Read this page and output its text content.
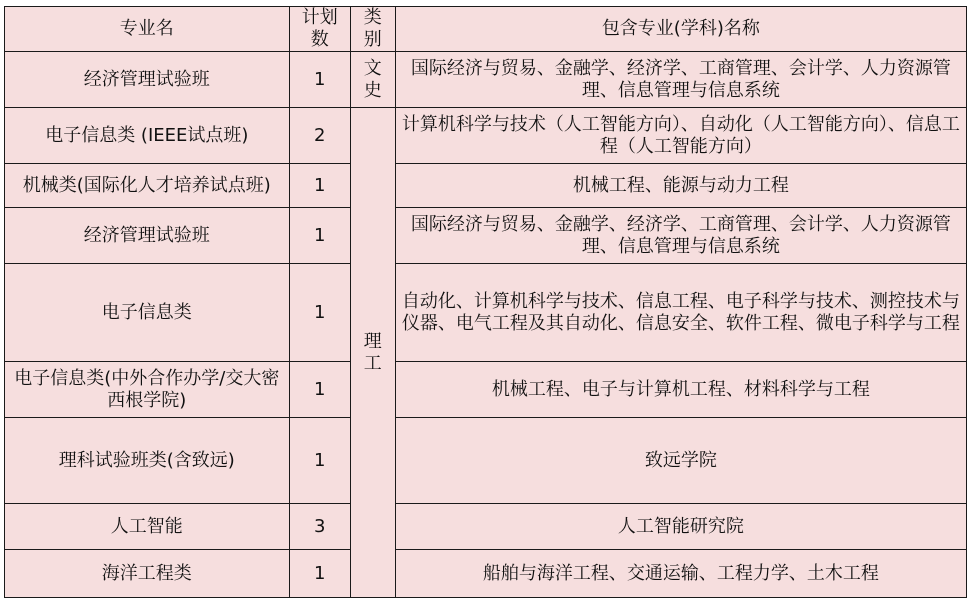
专业名	计划数	类别	包含专业(学科)名称
经济管理试验班	1	文史	国际经济与贸易、金融学、经济学、工商管理、会计学、人力资源管理、信息管理与信息系统
电子信息类 (IEEE试点班)	2	理工	计算机科学与技术（人工智能方向）、自动化（人工智能方向）、信息工程（人工智能方向）
机械类(国际化人才培养试点班)	1		机械工程、能源与动力工程
经济管理试验班	1		国际经济与贸易、金融学、经济学、工商管理、会计学、人力资源管理、信息管理与信息系统
电子信息类	1		自动化、计算机科学与技术、信息工程、电子科学与技术、测控技术与仪器、电气工程及其自动化、信息安全、软件工程、微电子科学与工程
电子信息类(中外合作办学/交大密西根学院)	1		机械工程、电子与计算机工程、材料科学与工程
理科试验班类(含致远)	1		致远学院
人工智能	3		人工智能研究院
海洋工程类	1		船舶与海洋工程、交通运输、工程力学、土木工程
